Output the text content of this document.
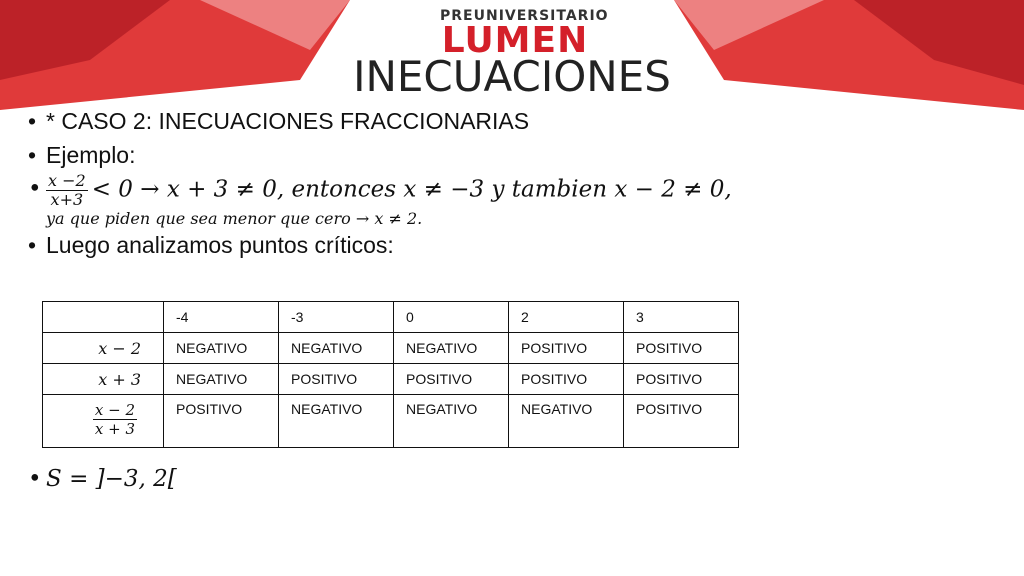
PREUNIVERSITARIO
LUMEN
INECUACIONES
• * CASO 2: INECUACIONES FRACCIONARIAS
• Ejemplo:
• $\frac{x -2}{x+3} < 0 \to x + 3 \ne 0$, entonces x ≠ −3 y tambien x − 2 ≠ 0,
ya que piden que sea menor que cero → x ≠ 2.
• Luego analizamos puntos críticos:
	-4	-3	0	2	3
x − 2	NEGATIVO	NEGATIVO	NEGATIVO	POSITIVO	POSITIVO
x + 3	NEGATIVO	POSITIVO	POSITIVO	POSITIVO	POSITIVO

$\frac{x - 2}{x + 3}$	POSITIVO	NEGATIVO	NEGATIVO	NEGATIVO	POSITIVO
• S = ]−3, 2[
